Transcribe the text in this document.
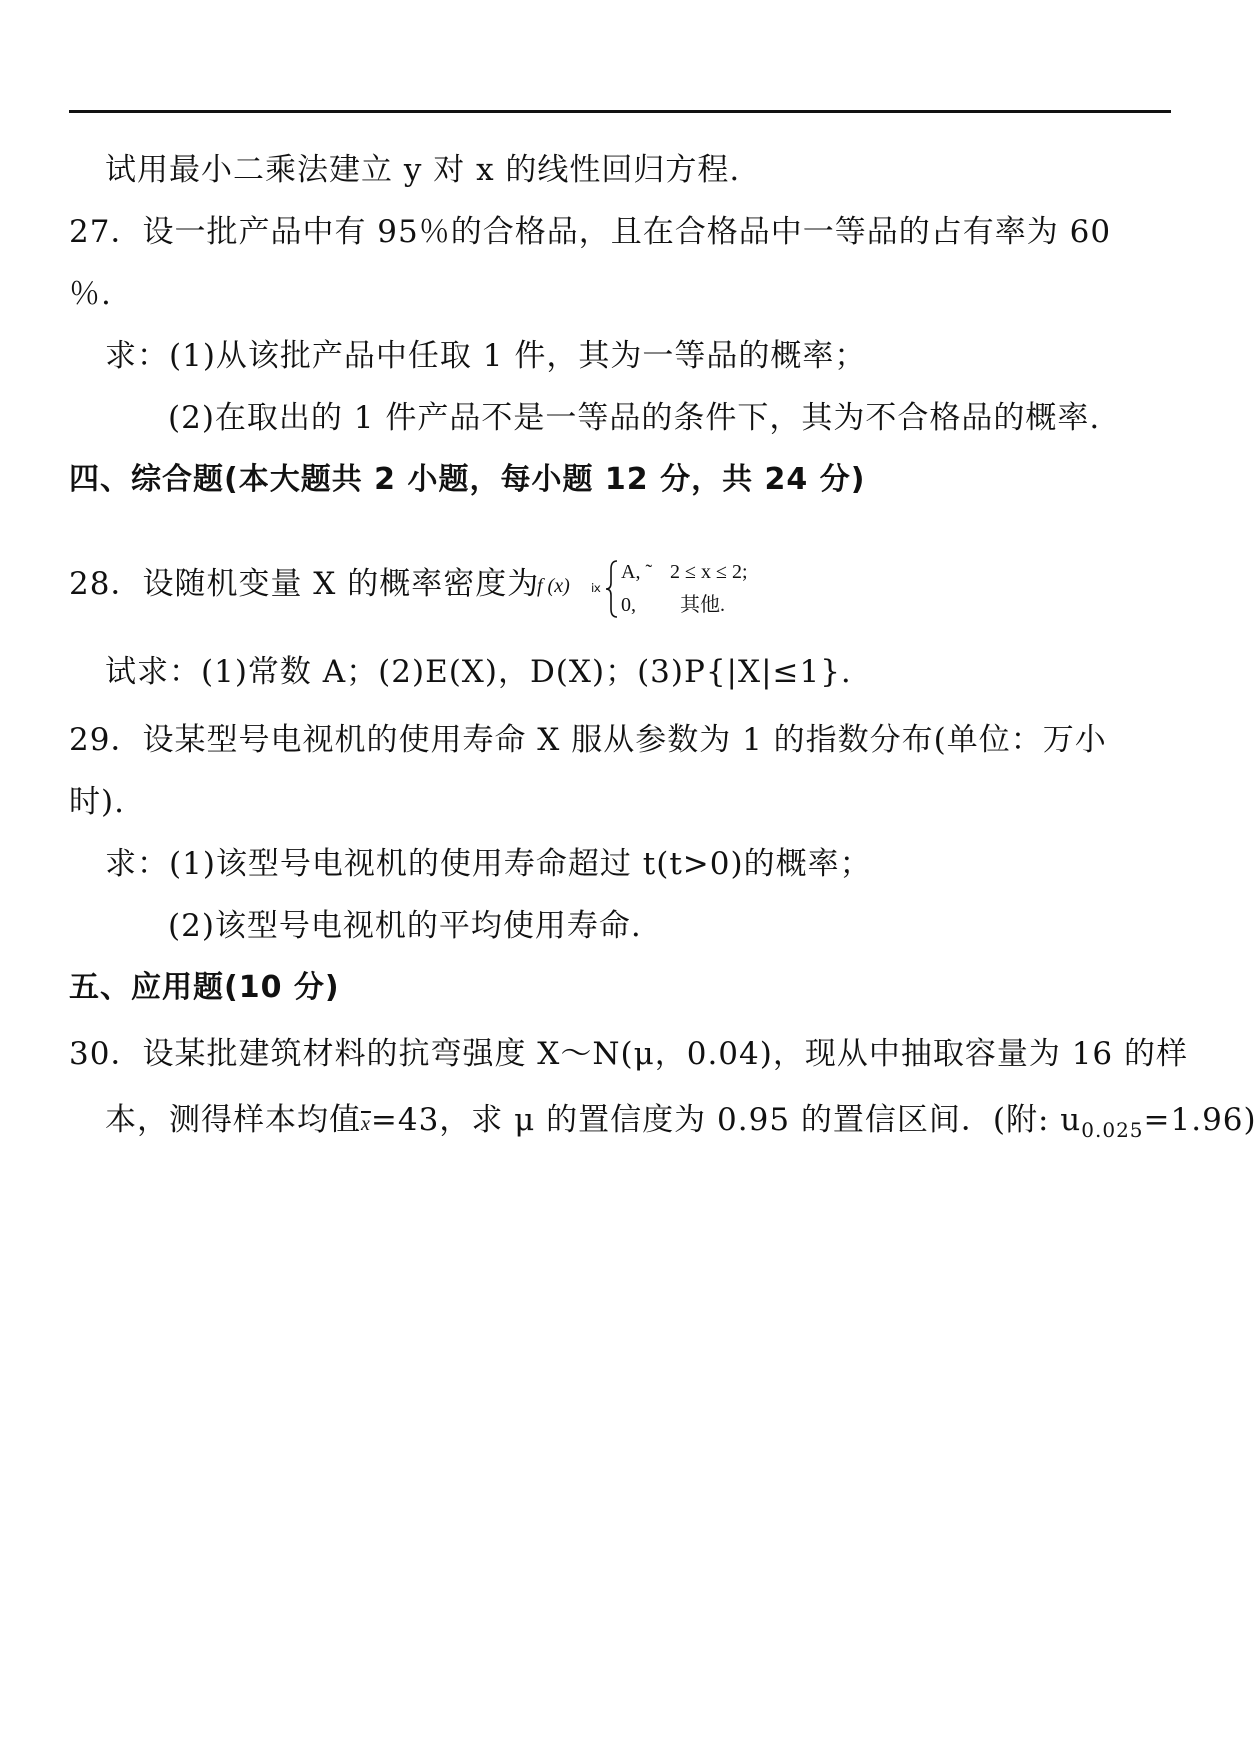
试用最小二乘法建立 y 对 x 的线性回归方程.
27．设一批产品中有 95％的合格品，且在合格品中一等品的占有率为 60
％.
求：(1)从该批产品中任取 1 件，其为一等品的概率；
(2)在取出的 1 件产品不是一等品的条件下，其为不合格品的概率.
四、综合题(本大题共 2 小题，每小题 12 分，共 24 分)
28．设随机变量 X 的概率密度为
f (x) ⅸ
A, ˜ 2 ≤ x ≤ 2;
0, 其他.
试求：(1)常数 A；(2)E(X)，D(X)；(3)P{|X|≤1}.
29．设某型号电视机的使用寿命 X 服从参数为 1 的指数分布(单位：万小
时).
求：(1)该型号电视机的使用寿命超过 t(t>0)的概率；
(2)该型号电视机的平均使用寿命.
五、应用题(10 分)
30．设某批建筑材料的抗弯强度 X～N(μ，0.04)，现从中抽取容量为 16 的样
本，测得样本均值$\overline{x}=43$，求 μ 的置信度为 0.95 的置信区间．(附: $u_{0.025}=1.96$)
